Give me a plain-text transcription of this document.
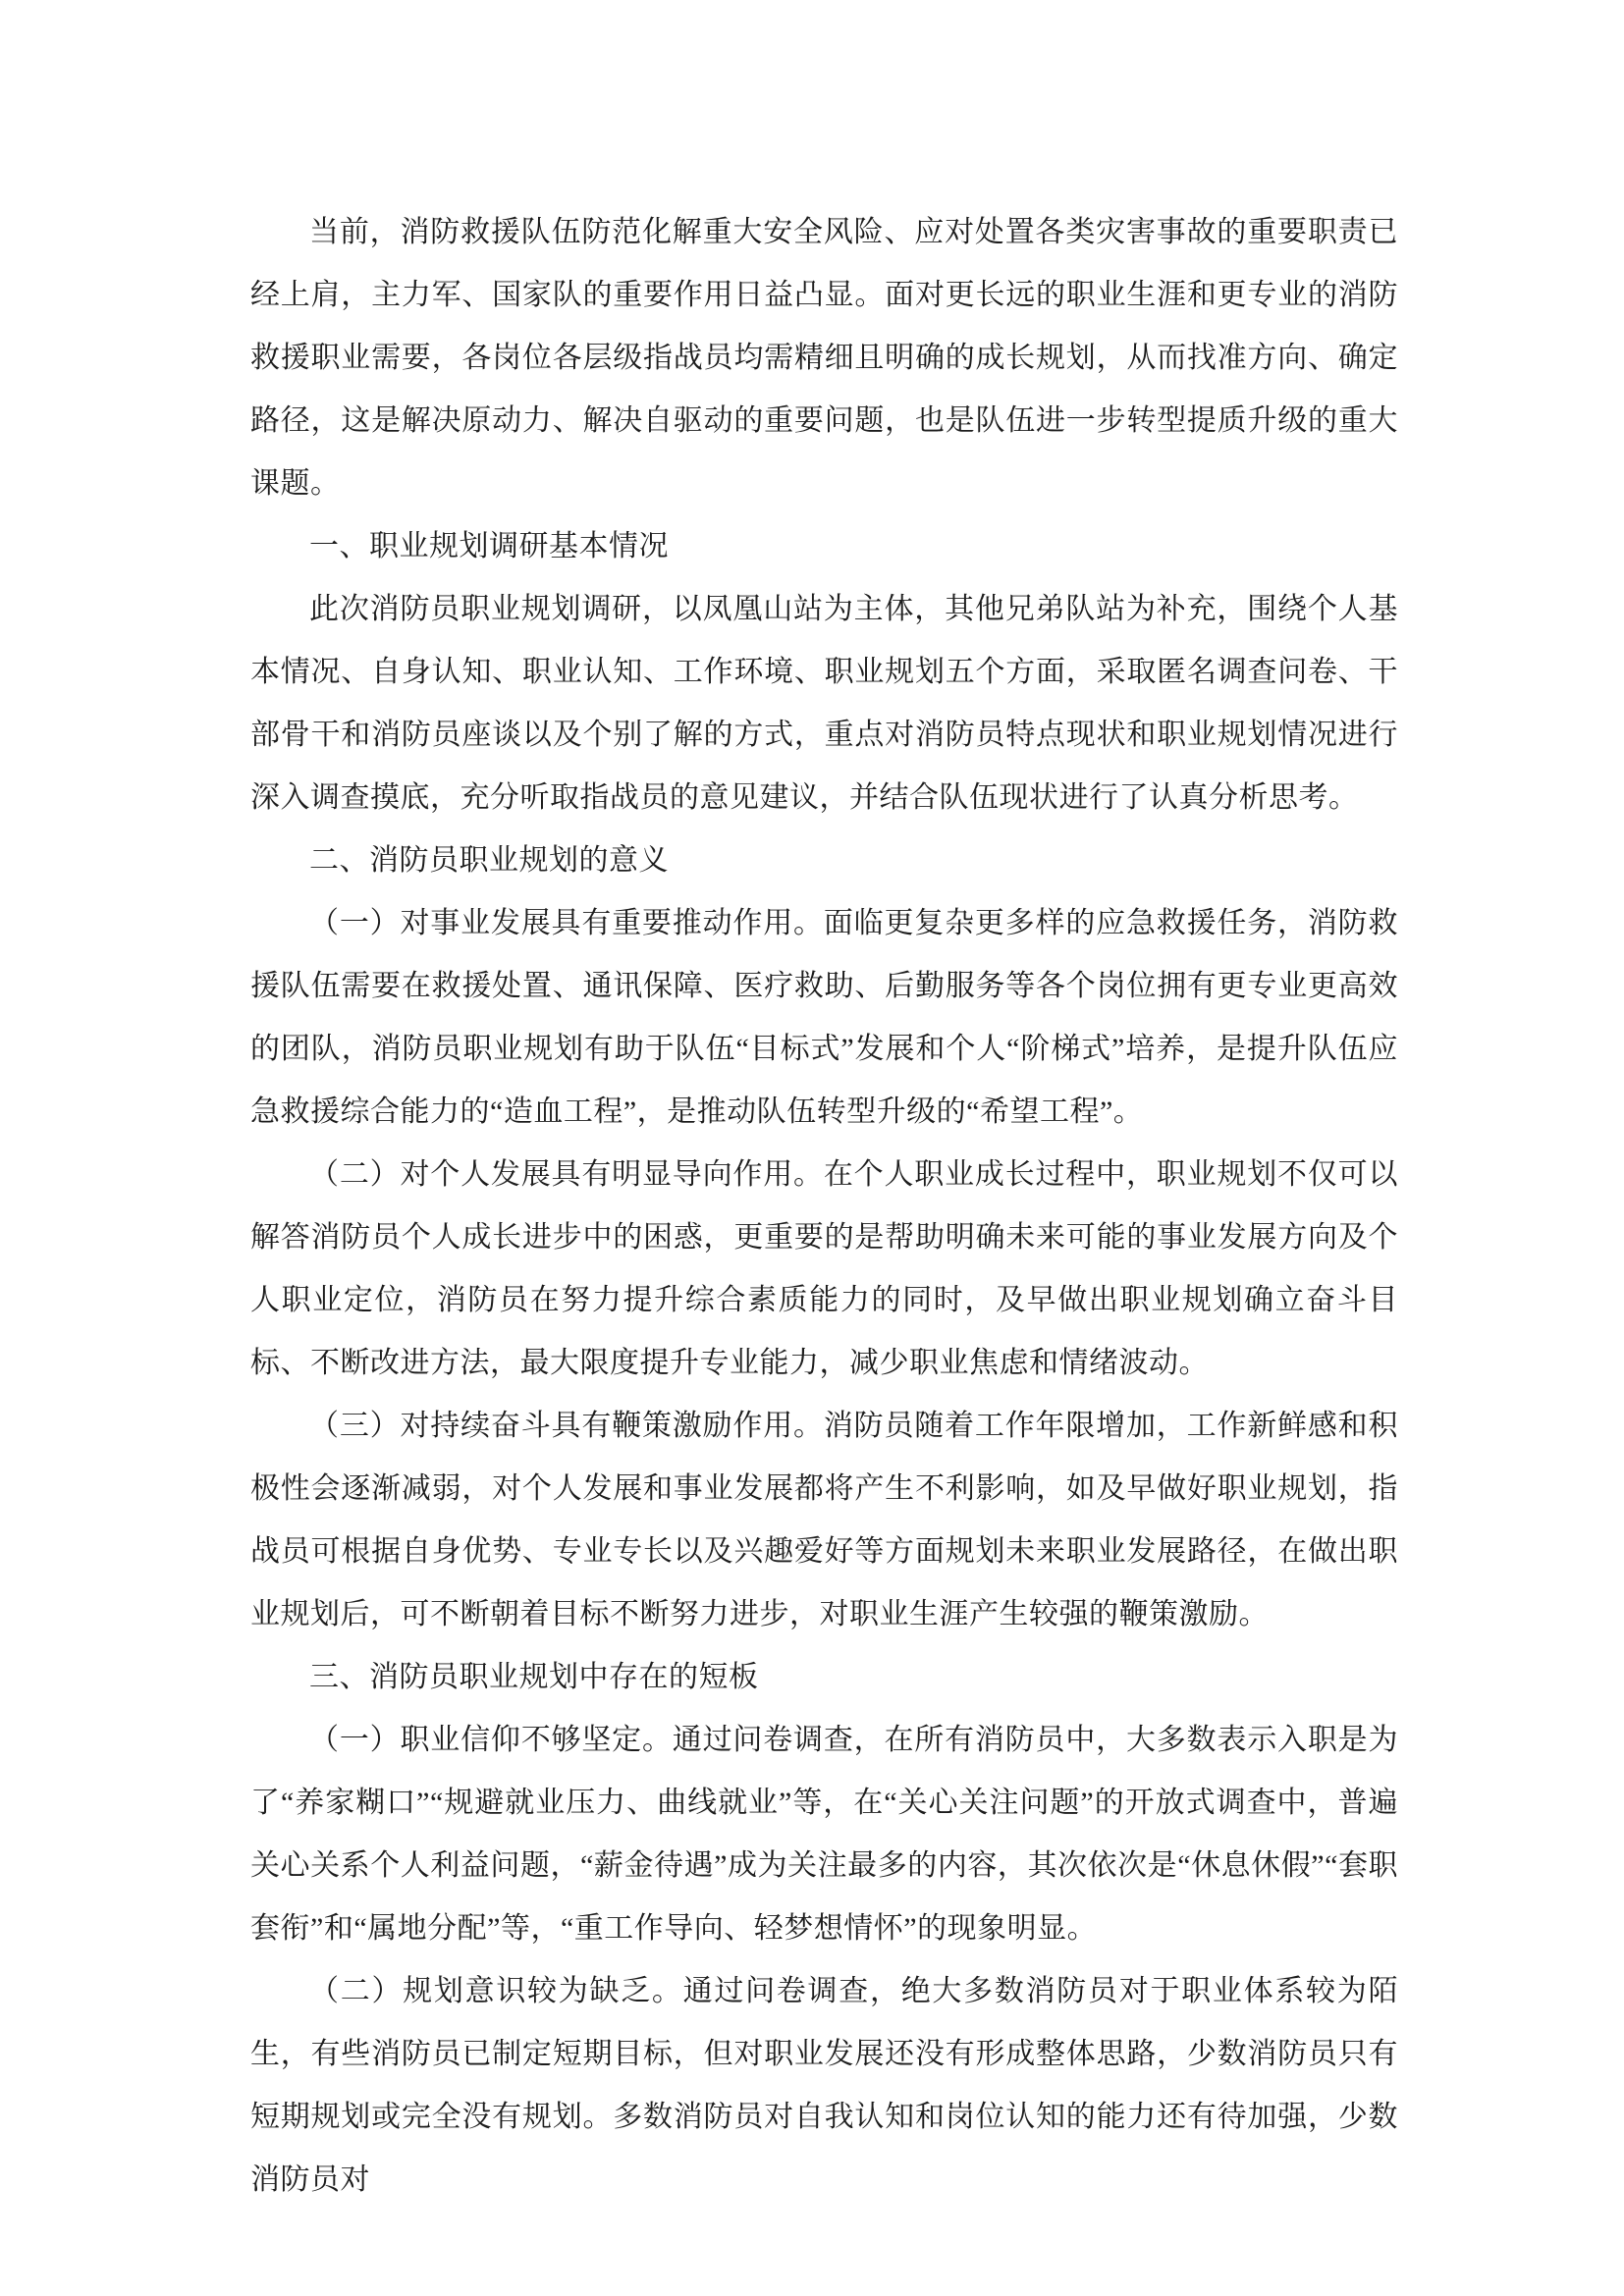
当前，消防救援队伍防范化解重大安全风险、应对处置各类灾害事故的重要职责已经上肩，主力军、国家队的重要作用日益凸显。面对更长远的职业生涯和更专业的消防救援职业需要，各岗位各层级指战员均需精细且明确的成长规划，从而找准方向、确定路径，这是解决原动力、解决自驱动的重要问题，也是队伍进一步转型提质升级的重大课题。

一、职业规划调研基本情况

此次消防员职业规划调研，以凤凰山站为主体，其他兄弟队站为补充，围绕个人基本情况、自身认知、职业认知、工作环境、职业规划五个方面，采取匿名调查问卷、干部骨干和消防员座谈以及个别了解的方式，重点对消防员特点现状和职业规划情况进行深入调查摸底，充分听取指战员的意见建议，并结合队伍现状进行了认真分析思考。

二、消防员职业规划的意义

（一）对事业发展具有重要推动作用。面临更复杂更多样的应急救援任务，消防救援队伍需要在救援处置、通讯保障、医疗救助、后勤服务等各个岗位拥有更专业更高效的团队，消防员职业规划有助于队伍“目标式”发展和个人“阶梯式”培养，是提升队伍应急救援综合能力的“造血工程”，是推动队伍转型升级的“希望工程”。

（二）对个人发展具有明显导向作用。在个人职业成长过程中，职业规划不仅可以解答消防员个人成长进步中的困惑，更重要的是帮助明确未来可能的事业发展方向及个人职业定位，消防员在努力提升综合素质能力的同时，及早做出职业规划确立奋斗目标、不断改进方法，最大限度提升专业能力，减少职业焦虑和情绪波动。

（三）对持续奋斗具有鞭策激励作用。消防员随着工作年限增加，工作新鲜感和积极性会逐渐减弱，对个人发展和事业发展都将产生不利影响，如及早做好职业规划，指战员可根据自身优势、专业专长以及兴趣爱好等方面规划未来职业发展路径，在做出职业规划后，可不断朝着目标不断努力进步，对职业生涯产生较强的鞭策激励。

三、消防员职业规划中存在的短板

（一）职业信仰不够坚定。通过问卷调查，在所有消防员中，大多数表示入职是为了“养家糊口”“规避就业压力、曲线就业”等，在“关心关注问题”的开放式调查中，普遍关心关系个人利益问题，“薪金待遇”成为关注最多的内容，其次依次是“休息休假”“套职套衔”和“属地分配”等，“重工作导向、轻梦想情怀”的现象明显。

（二）规划意识较为缺乏。通过问卷调查，绝大多数消防员对于职业体系较为陌生，有些消防员已制定短期目标，但对职业发展还没有形成整体思路，少数消防员只有短期规划或完全没有规划。多数消防员对自我认知和岗位认知的能力还有待加强，少数消防员对
